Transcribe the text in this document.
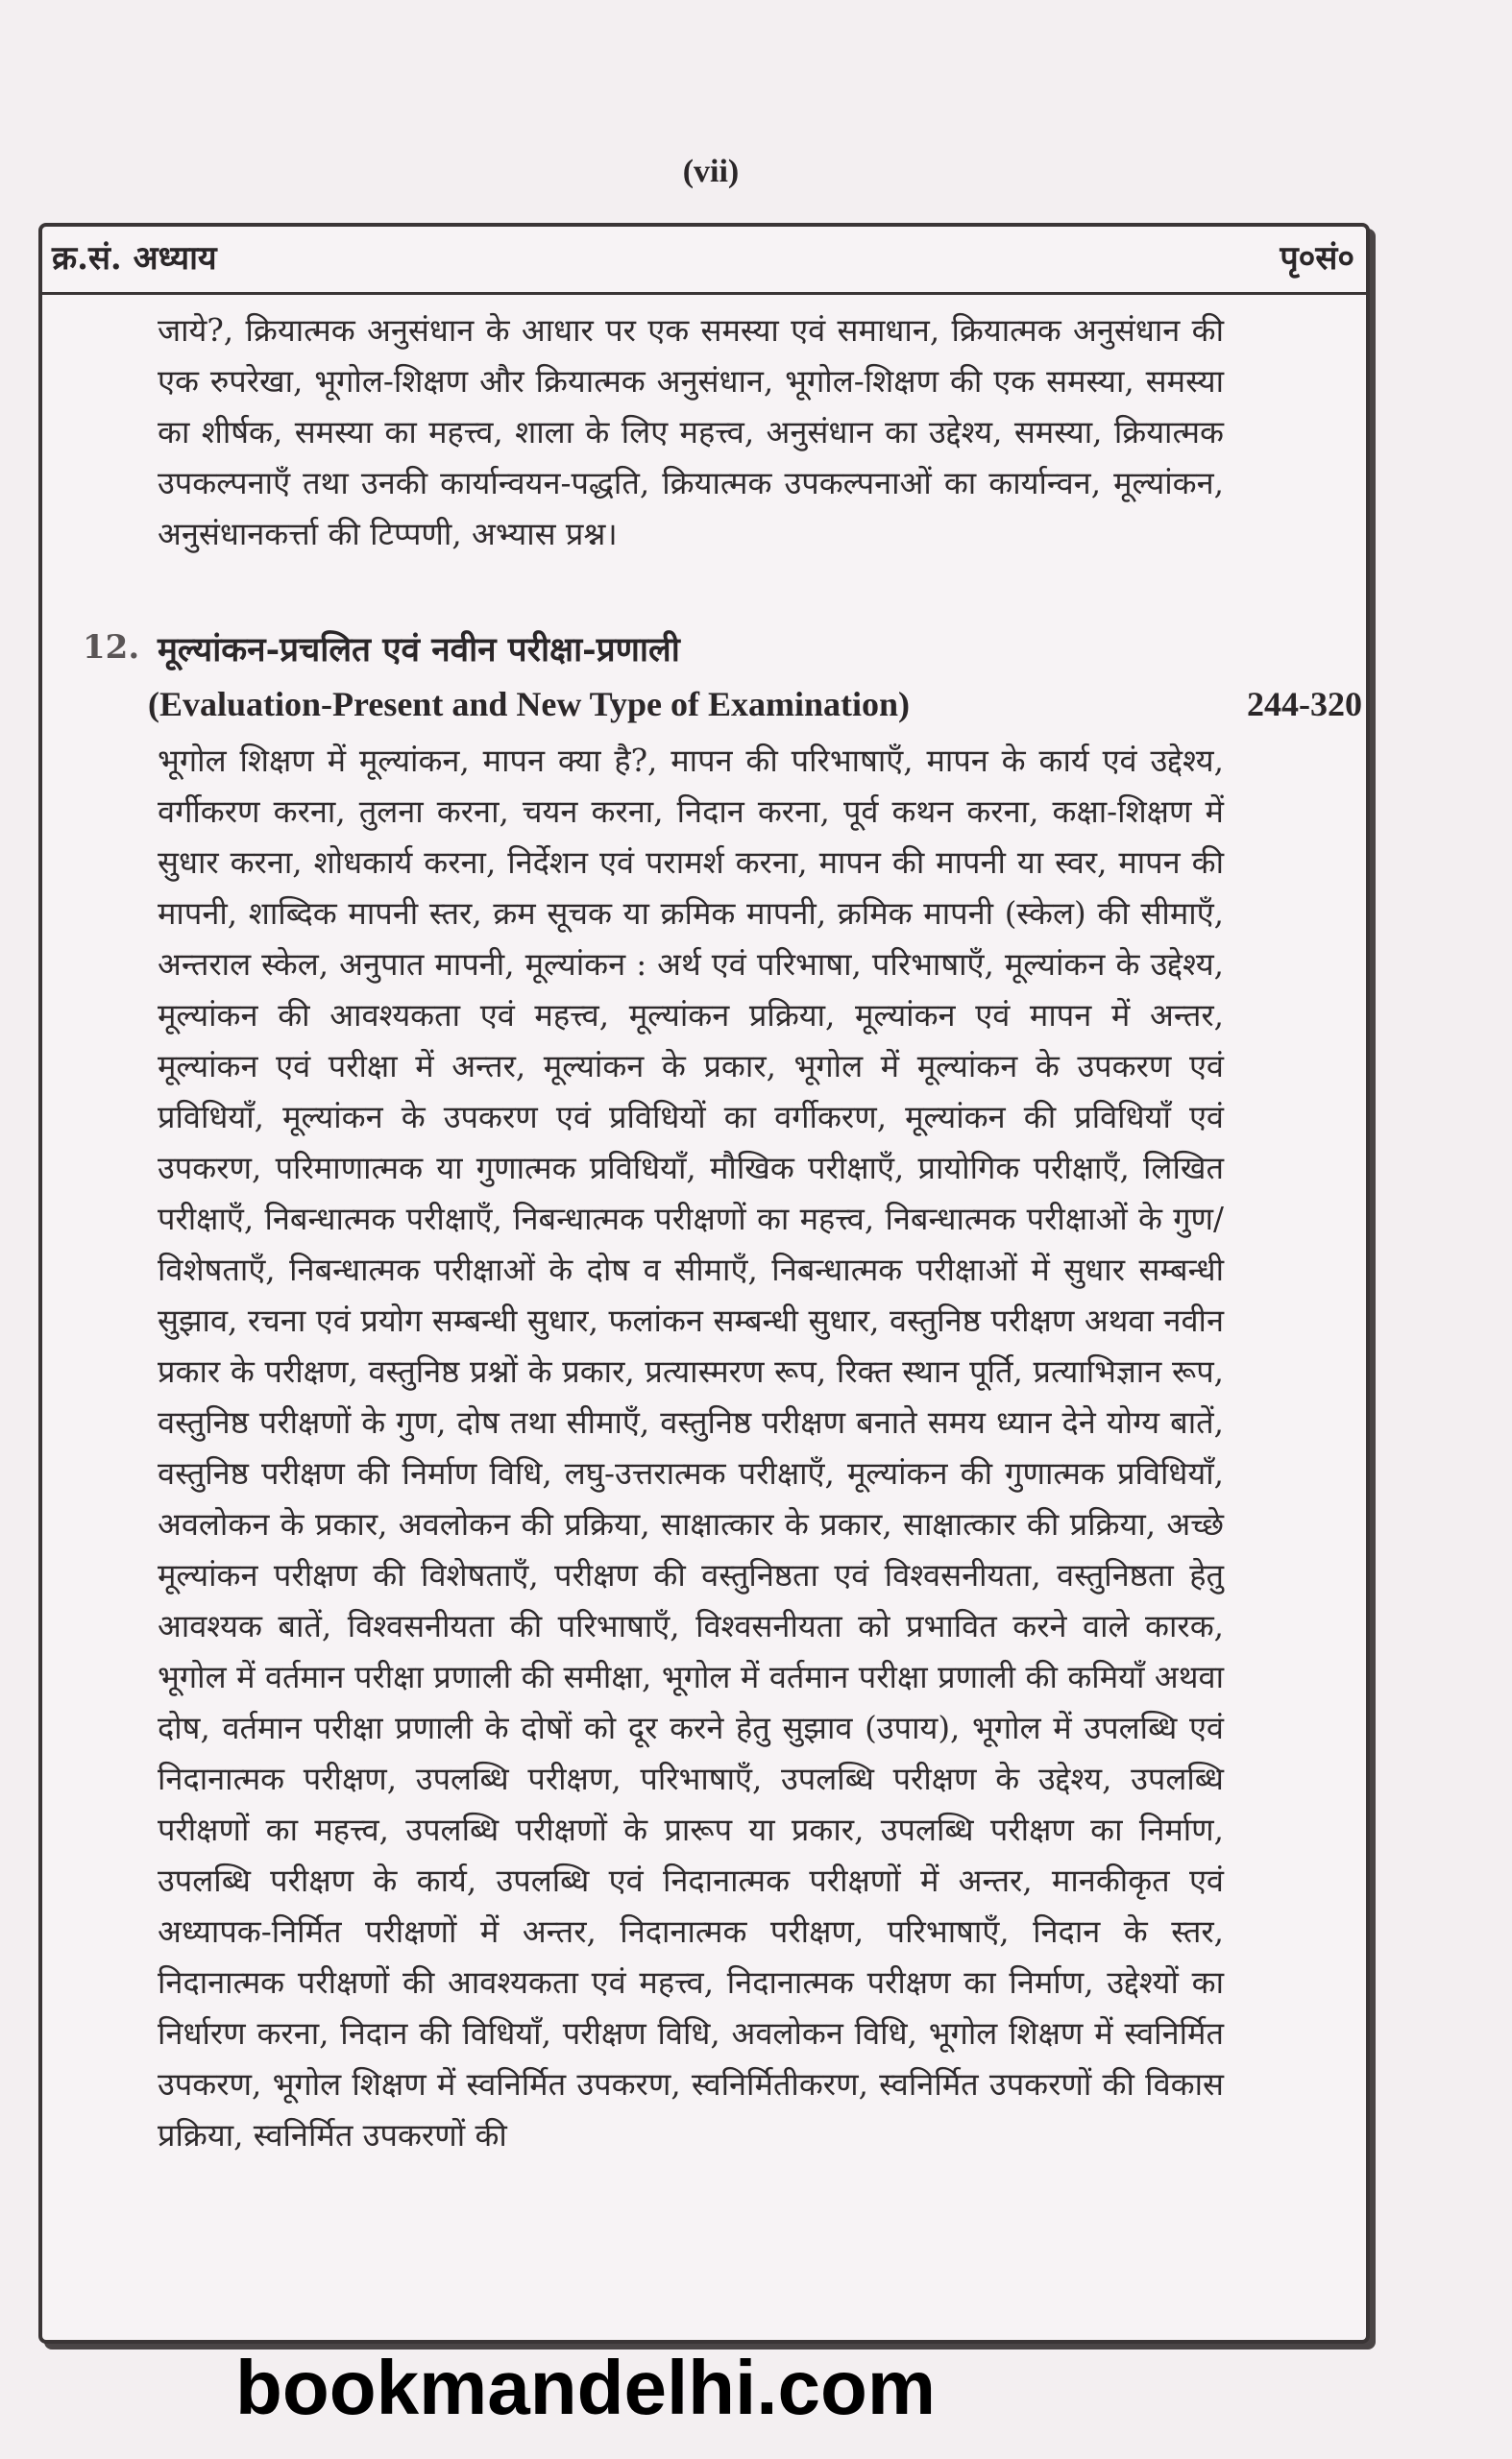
(vii)
क्र.सं. अध्याय	पृ०सं०
जाये?, क्रियात्मक अनुसंधान के आधार पर एक समस्या एवं समाधान, क्रियात्मक अनुसंधान की एक रुपरेखा, भूगोल-शिक्षण और क्रियात्मक अनुसंधान, भूगोल-शिक्षण की एक समस्या, समस्या का शीर्षक, समस्या का महत्त्व, शाला के लिए महत्त्व, अनुसंधान का उद्देश्य, समस्या, क्रियात्मक उपकल्पनाएँ तथा उनकी कार्यान्वयन-पद्धति, क्रियात्मक उपकल्पनाओं का कार्यान्वन, मूल्यांकन, अनुसंधानकर्त्ता की टिप्पणी, अभ्यास प्रश्न।
12. मूल्यांकन-प्रचलित एवं नवीन परीक्षा-प्रणाली
(Evaluation-Present and New Type of Examination)	244-320
भूगोल शिक्षण में मूल्यांकन, मापन क्या है?, मापन की परिभाषाएँ, मापन के कार्य एवं उद्देश्य, वर्गीकरण करना, तुलना करना, चयन करना, निदान करना, पूर्व कथन करना, कक्षा-शिक्षण में सुधार करना, शोधकार्य करना, निर्देशन एवं परामर्श करना, मापन की मापनी या स्वर, मापन की मापनी, शाब्दिक मापनी स्तर, क्रम सूचक या क्रमिक मापनी, क्रमिक मापनी (स्केल) की सीमाएँ, अन्तराल स्केल, अनुपात मापनी, मूल्यांकन : अर्थ एवं परिभाषा, परिभाषाएँ, मूल्यांकन के उद्देश्य, मूल्यांकन की आवश्यकता एवं महत्त्व, मूल्यांकन प्रक्रिया, मूल्यांकन एवं मापन में अन्तर, मूल्यांकन एवं परीक्षा में अन्तर, मूल्यांकन के प्रकार, भूगोल में मूल्यांकन के उपकरण एवं प्रविधियाँ, मूल्यांकन के उपकरण एवं प्रविधियों का वर्गीकरण, मूल्यांकन की प्रविधियाँ एवं उपकरण, परिमाणात्मक या गुणात्मक प्रविधियाँ, मौखिक परीक्षाएँ, प्रायोगिक परीक्षाएँ, लिखित परीक्षाएँ, निबन्धात्मक परीक्षाएँ, निबन्धात्मक परीक्षणों का महत्त्व, निबन्धात्मक परीक्षाओं के गुण/विशेषताएँ, निबन्धात्मक परीक्षाओं के दोष व सीमाएँ, निबन्धात्मक परीक्षाओं में सुधार सम्बन्धी सुझाव, रचना एवं प्रयोग सम्बन्धी सुधार, फलांकन सम्बन्धी सुधार, वस्तुनिष्ठ परीक्षण अथवा नवीन प्रकार के परीक्षण, वस्तुनिष्ठ प्रश्नों के प्रकार, प्रत्यास्मरण रूप, रिक्त स्थान पूर्ति, प्रत्याभिज्ञान रूप, वस्तुनिष्ठ परीक्षणों के गुण, दोष तथा सीमाएँ, वस्तुनिष्ठ परीक्षण बनाते समय ध्यान देने योग्य बातें, वस्तुनिष्ठ परीक्षण की निर्माण विधि, लघु-उत्तरात्मक परीक्षाएँ, मूल्यांकन की गुणात्मक प्रविधियाँ, अवलोकन के प्रकार, अवलोकन की प्रक्रिया, साक्षात्कार के प्रकार, साक्षात्कार की प्रक्रिया, अच्छे मूल्यांकन परीक्षण की विशेषताएँ, परीक्षण की वस्तुनिष्ठता एवं विश्वसनीयता, वस्तुनिष्ठता हेतु आवश्यक बातें, विश्वसनीयता की परिभाषाएँ, विश्वसनीयता को प्रभावित करने वाले कारक, भूगोल में वर्तमान परीक्षा प्रणाली की समीक्षा, भूगोल में वर्तमान परीक्षा प्रणाली की कमियाँ अथवा दोष, वर्तमान परीक्षा प्रणाली के दोषों को दूर करने हेतु सुझाव (उपाय), भूगोल में उपलब्धि एवं निदानात्मक परीक्षण, उपलब्धि परीक्षण, परिभाषाएँ, उपलब्धि परीक्षण के उद्देश्य, उपलब्धि परीक्षणों का महत्त्व, उपलब्धि परीक्षणों के प्रारूप या प्रकार, उपलब्धि परीक्षण का निर्माण, उपलब्धि परीक्षण के कार्य, उपलब्धि एवं निदानात्मक परीक्षणों में अन्तर, मानकीकृत एवं अध्यापक-निर्मित परीक्षणों में अन्तर, निदानात्मक परीक्षण, परिभाषाएँ, निदान के स्तर, निदानात्मक परीक्षणों की आवश्यकता एवं महत्त्व, निदानात्मक परीक्षण का निर्माण, उद्देश्यों का निर्धारण करना, निदान की विधियाँ, परीक्षण विधि, अवलोकन विधि, भूगोल शिक्षण में स्वनिर्मित उपकरण, भूगोल शिक्षण में स्वनिर्मित उपकरण, स्वनिर्मितीकरण, स्वनिर्मित उपकरणों की विकास प्रक्रिया, स्वनिर्मित उपकरणों की
bookmandelhi.com
